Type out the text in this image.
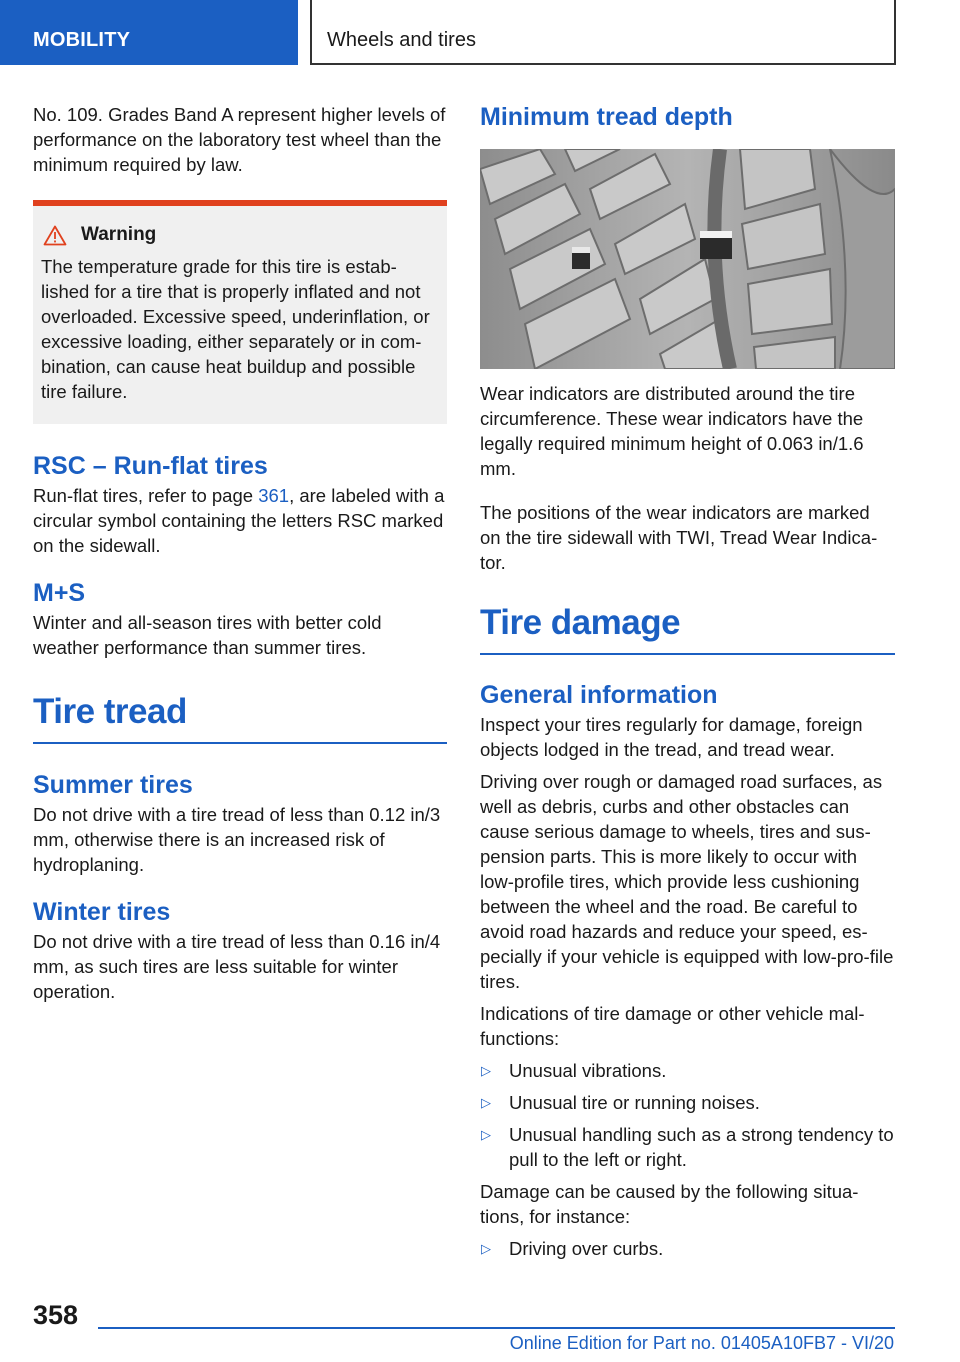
MOBILITY	Wheels and tires

No. 109. Grades Band A represent higher levels of performance on the laboratory test wheel than the minimum required by law.

Warning

The temperature grade for this tire is estab‐lished for a tire that is properly inflated and not overloaded. Excessive speed, underinflation, or excessive loading, either separately or in com‐bination, can cause heat buildup and possible tire failure.

RSC – Run-flat tires

Run-flat tires, refer to page 361, are labeled with a circular symbol containing the letters RSC marked on the sidewall.

M+S

Winter and all-season tires with better cold weather performance than summer tires.

Tire tread
Summer tires

Do not drive with a tire tread of less than 0.12 in/3 mm, otherwise there is an increased risk of hydroplaning.

Winter tires

Do not drive with a tire tread of less than 0.16 in/4 mm, as such tires are less suitable for winter operation.

Minimum tread depth

Wear indicators are distributed around the tire circumference. These wear indicators have the legally required minimum height of 0.063 in/1.6 mm.

The positions of the wear indicators are marked on the tire sidewall with TWI, Tread Wear Indica‐tor.

Tire damage
General information

Inspect your tires regularly for damage, foreign objects lodged in the tread, and tread wear.

Driving over rough or damaged road surfaces, as well as debris, curbs and other obstacles can cause serious damage to wheels, tires and sus‐pension parts. This is more likely to occur with low-profile tires, which provide less cushioning between the wheel and the road. Be careful to avoid road hazards and reduce your speed, es‐pecially if your vehicle is equipped with low-pro‐file tires.

Indications of tire damage or other vehicle mal‐functions:

▷ Unusual vibrations.
▷ Unusual tire or running noises.
▷ Unusual handling such as a strong tendency to pull to the left or right.

Damage can be caused by the following situa‐tions, for instance:

▷ Driving over curbs.
358
Online Edition for Part no. 01405A10FB7 - VI/20
